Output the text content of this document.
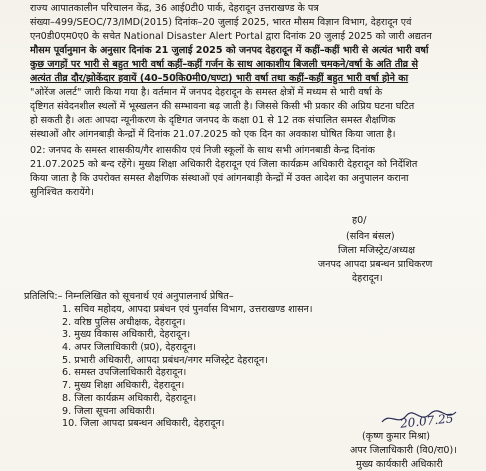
राज्य आपातकालीन परिचालन केंद्र, 36 आई0टी0 पार्क, देहरादून उत्तराखण्ड के पत्र
संख्या–499/SEOC/73/IMD(2015) दिनांक–20 जुलाई 2025, भारत मौसम विज्ञान विभाग, देहरादून एवं
एन0डी0एम0ए0 के सचेत National Disaster Alert Portal द्वारा दिनांक 20 जुलाई 2025 को जारी अद्यतन
मौसम पूर्वानुमान के अनुसार दिनांक 21 जुलाई 2025 को जनपद देहरादून में कहीं–कहीं भारी से अत्यंत भारी वर्षा
कुछ जगहों पर भारी से बहुत भारी वर्षा कहीं–कहीं गर्जन के साथ आकाशीय बिजली चमकने/वर्षा के अति तीव्र से
अत्यंत तीव्र दौर/झोकेंदार हवायें (40–50कि0मी0/घण्टा) भारी वर्षा तथा कहीं–कहीं बहुत भारी वर्षा होने का
"ओरेंज अलर्ट" जारी किया गया है। वर्तमान में जनपद देहरादून के समस्त क्षेत्रों में मध्यम से भारी वर्षा के
दृष्टिगत संवेदनशील स्थलों में भूस्खलन की सम्भावना बढ़ जाती है। जिससे किसी भी प्रकार की अप्रिय घटना घटित
हो सकती है। अतः आपदा न्यूनीकरण के दृष्टिगत जनपद के कक्षा 01 से 12 तक संचालित समस्त शैक्षणिक
संस्थाओं और आंगनबाड़ी केन्द्रों में दिनांक 21.07.2025 को एक दिन का अवकाश घोषित किया जाता है।
02: जनपद के समस्त शासकीय/गैर शासकीय एवं निजी स्कूलों के साथ सभी आंगनबाडी केन्द्र दिनांक
21.07.2025 को बन्द रहेंगे। मुख्य शिक्षा अधिकारी देहरादून एवं जिला कार्यक्रम अधिकारी देहरादून को निर्देशित
किया जाता है कि उपरोक्त समस्त शैक्षणिक संस्थाओं एवं आंगनबाड़ी केन्द्रों में उक्त आदेश का अनुपालन कराना
सुनिश्चित करायेंगे।
ह0/
(सविन बंसल)
जिला मजिस्ट्रेट/अध्यक्ष
जनपद आपदा प्रबन्धन प्राधिकरण
देहरादून।
प्रतिलिपि:– निम्नलिखित को सूचनार्थ एवं अनुपालनार्थ प्रेषित–
1. सचिव महोदय, आपदा प्रबंधन एवं पुनर्वास विभाग, उत्तराखण्ड शासन।
2. वरिष्ठ पुलिस अधीक्षक, देहरादून।
3. मुख्य विकास अधिकारी, देहरादून।
4. अपर जिलाधिकारी (प्र0), देहरादून।
5. प्रभारी अधिकारी, आपदा प्रबंधन/नगर मजिस्ट्रेट देहरादून।
6. समस्त उपजिलाधिकारी देहरादून।
7. मुख्य शिक्षा अधिकारी, देहरादून।
8. जिला कार्यक्रम अधिकारी, देहरादून।
9. जिला सूचना अधिकारी।
10. जिला आपदा प्रबन्धन अधिकारी, देहरादून।	20.07.25
(कृष्ण कुमार मिश्रा)
अपर जिलाधिकारी (वि0/रा0)।
मुख्य कार्यकारी अधिकारी
